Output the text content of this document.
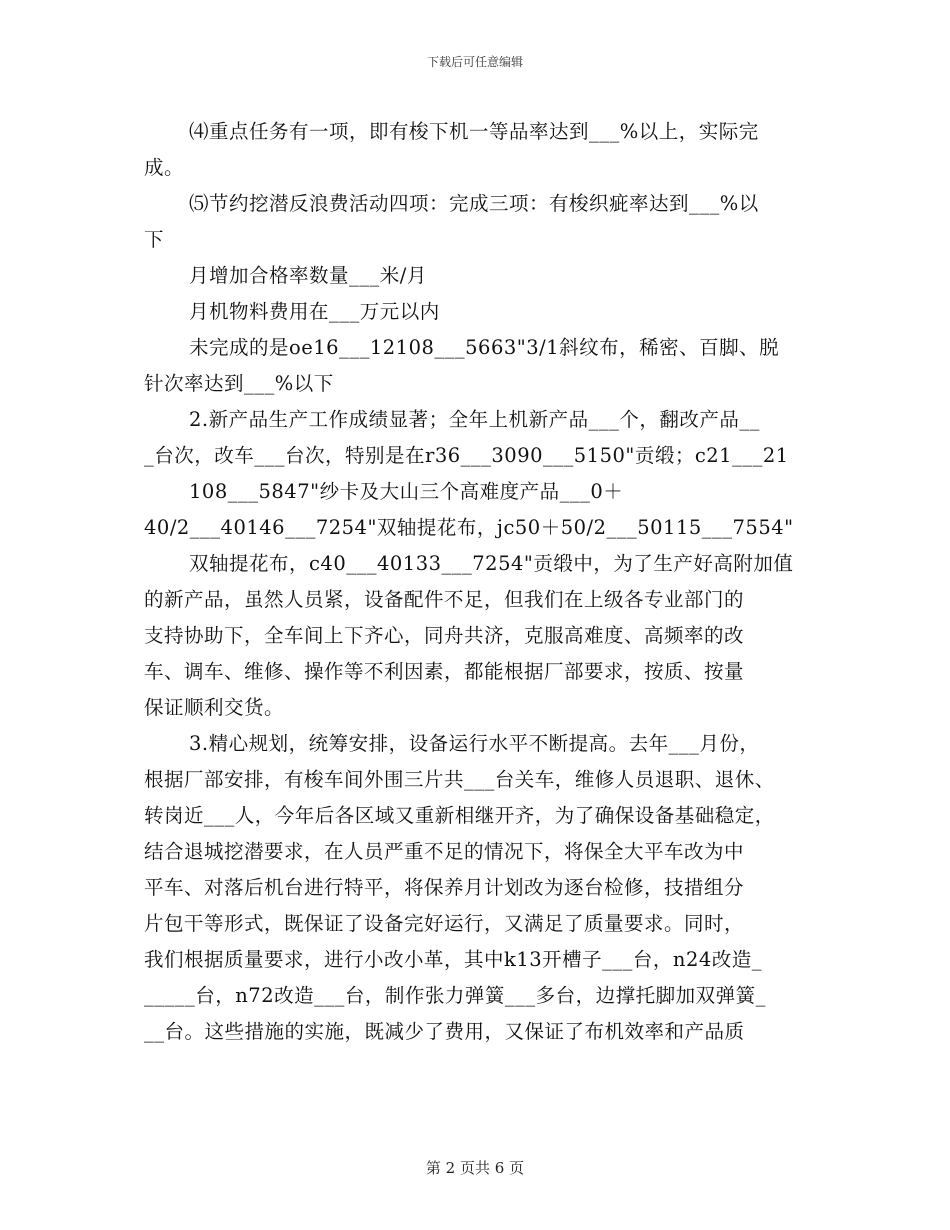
下载后可任意编辑
⑷重点任务有一项，即有梭下机一等品率达到___%以上，实际完
成。
⑸节约挖潜反浪费活动四项：完成三项：有梭织疵率达到___%以
下
月增加合格率数量___米/月
月机物料费用在___万元以内
未完成的是oe16___12108___5663"3/1斜纹布，稀密、百脚、脱
针次率达到___%以下
2.新产品生产工作成绩显著；全年上机新产品___个，翻改产品__
_台次，改车___台次，特别是在r36___3090___5150"贡缎；c21___21
108___5847"纱卡及大山三个高难度产品___0＋
40/2___40146___7254"双轴提花布，jc50＋50/2___50115___7554"
双轴提花布，c40___40133___7254"贡缎中，为了生产好高附加值
的新产品，虽然人员紧，设备配件不足，但我们在上级各专业部门的
支持协助下，全车间上下齐心，同舟共济，克服高难度、高频率的改
车、调车、维修、操作等不利因素，都能根据厂部要求，按质、按量
保证顺利交货。
3.精心规划，统筹安排，设备运行水平不断提高。去年___月份，
根据厂部安排，有梭车间外围三片共___台关车，维修人员退职、退休、
转岗近___人，今年后各区域又重新相继开齐，为了确保设备基础稳定，
结合退城挖潜要求，在人员严重不足的情况下，将保全大平车改为中
平车、对落后机台进行特平，将保养月计划改为逐台检修，技措组分
片包干等形式，既保证了设备完好运行，又满足了质量要求。同时，
我们根据质量要求，进行小改小革，其中k13开槽子___台，n24改造_
_____台，n72改造___台，制作张力弹簧___多台，边撑托脚加双弹簧_
__台。这些措施的实施，既减少了费用，又保证了布机效率和产品质
第 2 页共 6 页
